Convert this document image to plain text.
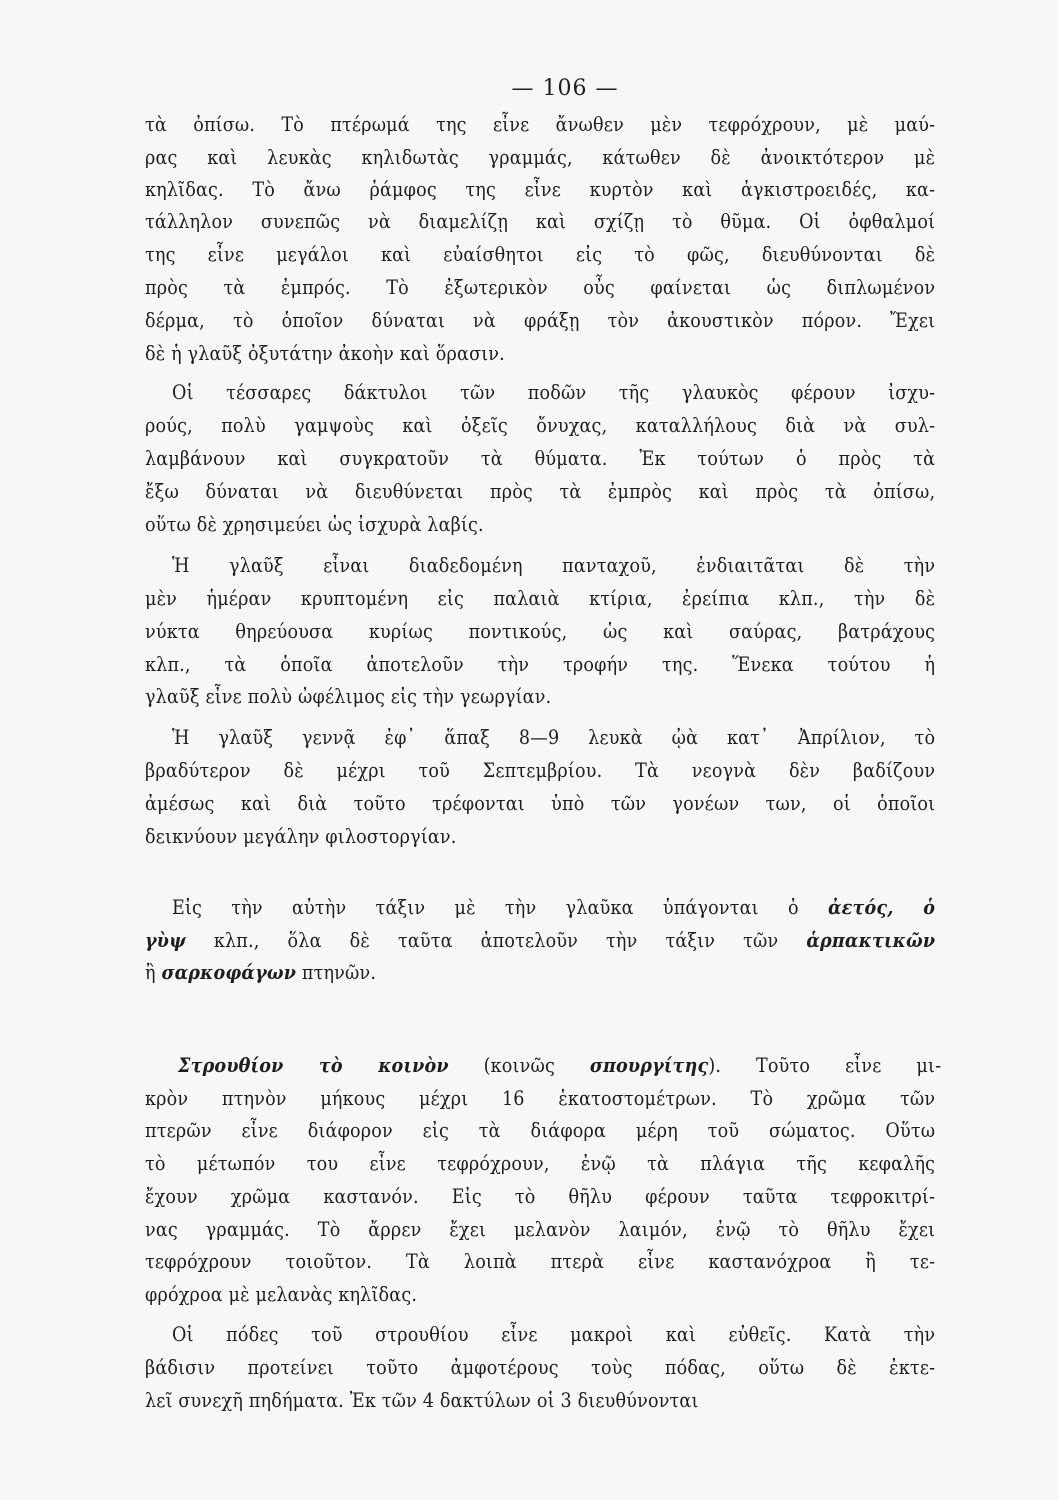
— 106 —
τὰ ὀπίσω. Τὸ πτέρωμά της εἶνε ἄνωθεν μὲν τεφρόχρουν, μὲ μαύ-
ρας καὶ λευκὰς κηλιδωτὰς γραμμάς, κάτωθεν δὲ ἀνοικτότερον μὲ
κηλῖδας. Τὸ ἄνω ῥάμφος της εἶνε κυρτὸν καὶ ἀγκιστροειδές, κα-
τάλληλον συνεπῶς νὰ διαμελίζῃ καὶ σχίζῃ τὸ θῦμα. Οἱ ὀφθαλμοί
της εἶνε μεγάλοι καὶ εὐαίσθητοι εἰς τὸ φῶς, διευθύνονται δὲ
πρὸς τὰ ἐμπρός. Τὸ ἐξωτερικὸν οὖς φαίνεται ὡς διπλωμένον
δέρμα, τὸ ὁποῖον δύναται νὰ φράξῃ τὸν ἀκουστικὸν πόρον. Ἔχει
δὲ ἡ γλαῦξ ὀξυτάτην ἀκοὴν καὶ ὅρασιν.
Οἱ τέσσαρες δάκτυλοι τῶν ποδῶν τῆς γλαυκὸς φέρουν ἰσχυ-
ρούς, πολὺ γαμψοὺς καὶ ὀξεῖς ὄνυχας, καταλλήλους διὰ νὰ συλ-
λαμβάνουν καὶ συγκρατοῦν τὰ θύματα. Ἐκ τούτων ὁ πρὸς τὰ
ἔξω δύναται νὰ διευθύνεται πρὸς τὰ ἐμπρὸς καὶ πρὸς τὰ ὀπίσω,
οὕτω δὲ χρησιμεύει ὡς ἰσχυρὰ λαβίς.
Ἡ γλαῦξ εἶναι διαδεδομένη πανταχοῦ, ἐνδιαιτᾶται δὲ τὴν
μὲν ἡμέραν κρυπτομένη εἰς παλαιὰ κτίρια, ἐρείπια κλπ., τὴν δὲ
νύκτα θηρεύουσα κυρίως ποντικούς, ὡς καὶ σαύρας, βατράχους
κλπ., τὰ ὁποῖα ἀποτελοῦν τὴν τροφήν της. Ἕνεκα τούτου ἡ
γλαῦξ εἶνε πολὺ ὠφέλιμος εἰς τὴν γεωργίαν.
Ἡ γλαῦξ γεννᾷ ἐφ᾽ ἅπαξ 8—9 λευκὰ ᾠὰ κατ᾽ Ἀπρίλιον, τὸ
βραδύτερον δὲ μέχρι τοῦ Σεπτεμβρίου. Τὰ νεογνὰ δὲν βαδίζουν
ἀμέσως καὶ διὰ τοῦτο τρέφονται ὑπὸ τῶν γονέων των, οἱ ὁποῖοι
δεικνύουν μεγάλην φιλοστοργίαν.
Εἰς τὴν αὐτὴν τάξιν μὲ τὴν γλαῦκα ὑπάγονται ὁ ἀετός, ὁ
γὺψ κλπ., ὅλα δὲ ταῦτα ἀποτελοῦν τὴν τάξιν τῶν ἁρπακτικῶν
ἢ σαρκοφάγων πτηνῶν.
Στρουθίον τὸ κοινὸν (κοινῶς σπουργίτης). Τοῦτο εἶνε μι-
κρὸν πτηνὸν μήκους μέχρι 16 ἑκατοστομέτρων. Τὸ χρῶμα τῶν
πτερῶν εἶνε διάφορον εἰς τὰ διάφορα μέρη τοῦ σώματος. Οὕτω
τὸ μέτωπόν του εἶνε τεφρόχρουν, ἐνῷ τὰ πλάγια τῆς κεφαλῆς
ἔχουν χρῶμα καστανόν. Εἰς τὸ θῆλυ φέρουν ταῦτα τεφροκιτρί-
νας γραμμάς. Τὸ ἄρρεν ἔχει μελανὸν λαιμόν, ἐνῷ τὸ θῆλυ ἔχει
τεφρόχρουν τοιοῦτον. Τὰ λοιπὰ πτερὰ εἶνε καστανόχροα ἢ τε-
φρόχροα μὲ μελανὰς κηλῖδας.
Οἱ πόδες τοῦ στρουθίου εἶνε μακροὶ καὶ εὐθεῖς. Κατὰ τὴν
βάδισιν προτείνει τοῦτο ἀμφοτέρους τοὺς πόδας, οὕτω δὲ ἐκτε-
λεῖ συνεχῆ πηδήματα. Ἐκ τῶν 4 δακτύλων οἱ 3 διευθύνονται
